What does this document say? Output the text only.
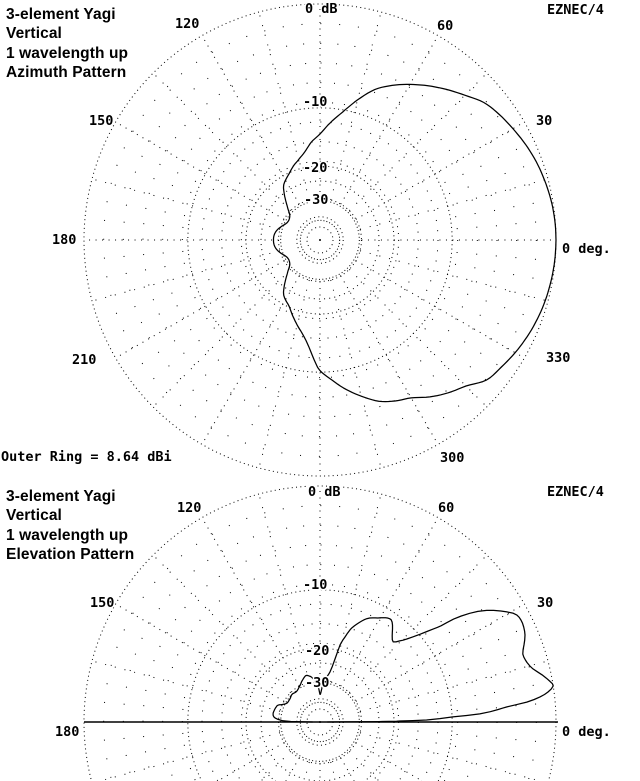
0 dB
-10
-20
-30
120	60
150	30
180
0 deg.
210	330
300
0 dB
-10
-20
-30
120	60
150	30
180	0 deg.
3-element Yagi
Vertical
1 wavelength up
Azimuth Pattern
EZNEC/4
Outer Ring = 8.64 dBi
3-element Yagi
Vertical
1 wavelength up
Elevation Pattern
EZNEC/4
